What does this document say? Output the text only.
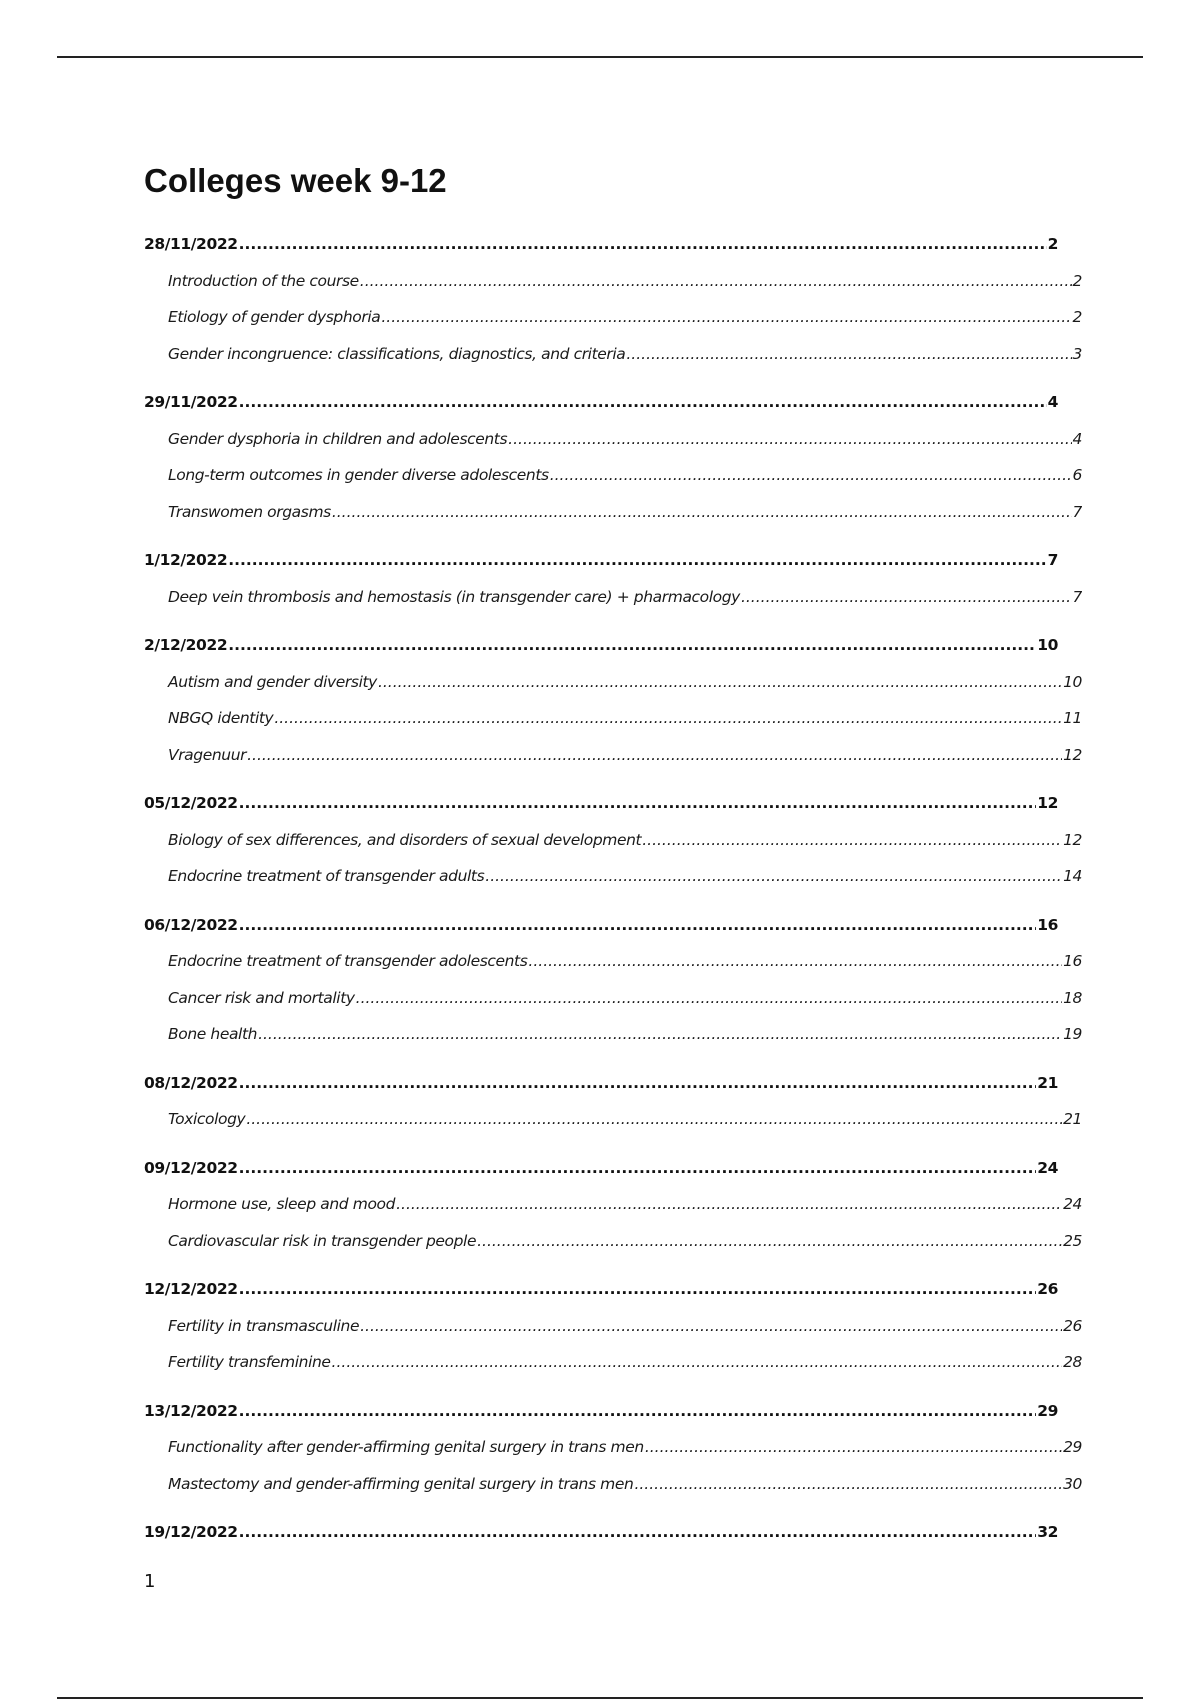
Colleges week 9-12
28/11/2022 .....	2
Introduction of the course .....	2
Etiology of gender dysphoria .....	2
Gender incongruence: classifications, diagnostics, and criteria .....	3
29/11/2022 .....	4
Gender dysphoria in children and adolescents .....	4
Long-term outcomes in gender diverse adolescents .....	6
Transwomen orgasms .....	7
1/12/2022 .....	7
Deep vein thrombosis and hemostasis (in transgender care) + pharmacology .....	7
2/12/2022 .....	10
Autism and gender diversity .....	10
NBGQ identity .....	11
Vragenuur .....	12
05/12/2022 .....	12
Biology of sex differences, and disorders of sexual development .....	12
Endocrine treatment of transgender adults .....	14
06/12/2022 .....	16
Endocrine treatment of transgender adolescents .....	16
Cancer risk and mortality .....	18
Bone health .....	19
08/12/2022 .....	21
Toxicology .....	21
09/12/2022 .....	24
Hormone use, sleep and mood .....	24
Cardiovascular risk in transgender people .....	25
12/12/2022 .....	26
Fertility in transmasculine .....	26
Fertility transfeminine .....	28
13/12/2022 .....	29
Functionality after gender-affirming genital surgery in trans men .....	29
Mastectomy and gender-affirming genital surgery in trans men .....	30
19/12/2022 .....	32
1
